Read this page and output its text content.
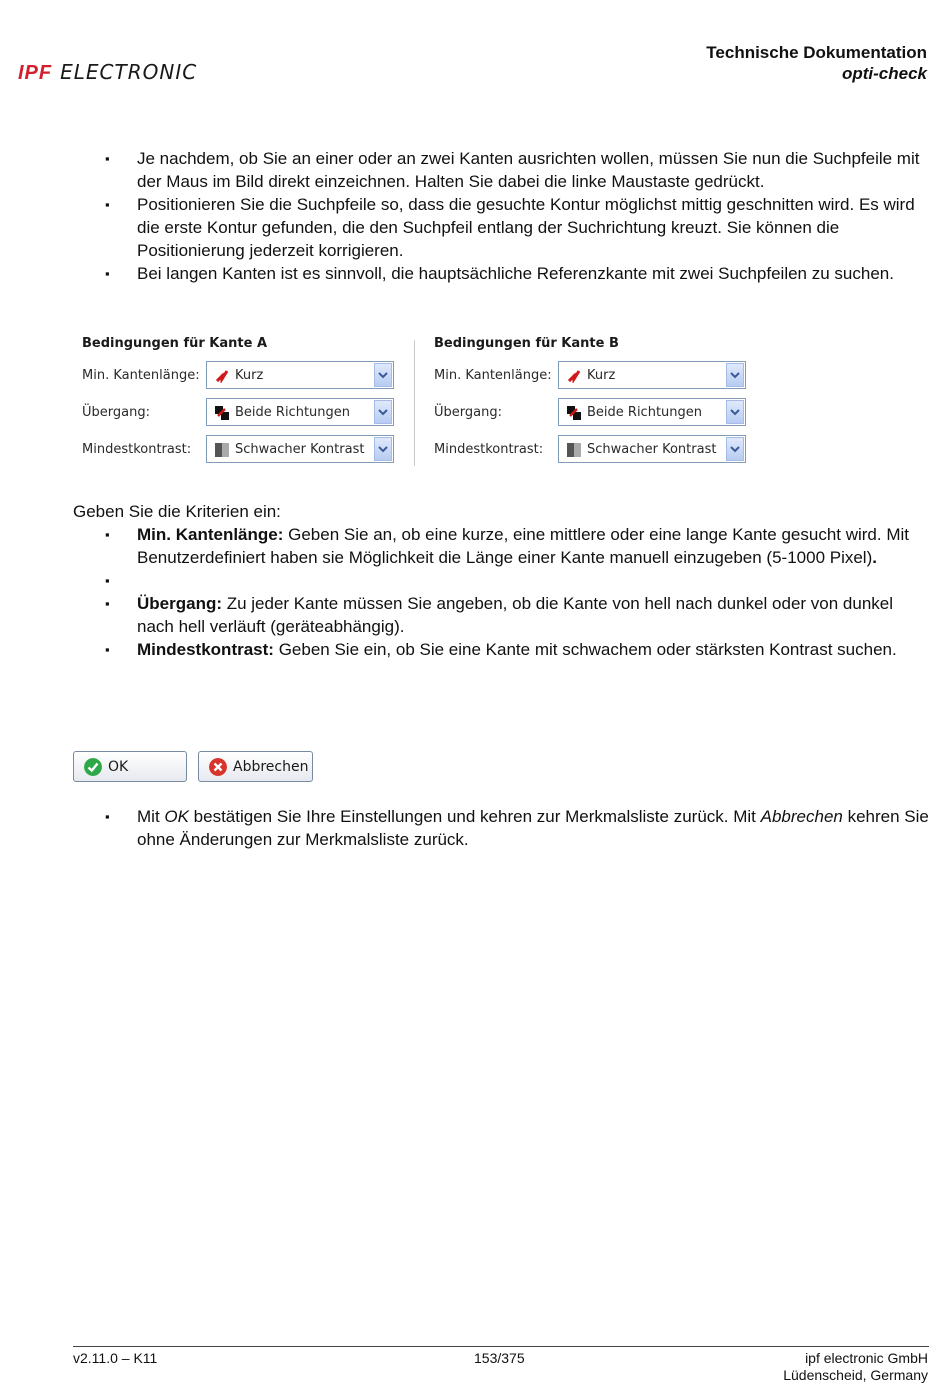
IPF ELECTRONIC
Technische Dokumentation
opti-check
▪ Je nachdem, ob Sie an einer oder an zwei Kanten ausrichten wollen, müssen Sie nun die Suchpfeile mit der Maus im Bild direkt einzeichnen. Halten Sie dabei die linke Maustaste gedrückt.
▪ Positionieren Sie die Suchpfeile so, dass die gesuchte Kontur möglichst mittig geschnitten wird. Es wird die erste Kontur gefunden, die den Suchpfeil entlang der Suchrichtung kreuzt. Sie können die Positionierung jederzeit korrigieren.
▪ Bei langen Kanten ist es sinnvoll, die hauptsächliche Referenzkante mit zwei Suchpfeilen zu suchen.
Bedingungen für Kante A
Min. Kantenlänge:	Kurz
Übergang:	Beide Richtungen
Mindestkontrast:	Schwacher Kontrast
Bedingungen für Kante B
Min. Kantenlänge:	Kurz
Übergang:	Beide Richtungen
Mindestkontrast:	Schwacher Kontrast
Geben Sie die Kriterien ein:
▪ Min. Kantenlänge: Geben Sie an, ob eine kurze, eine mittlere oder eine lange Kante gesucht wird. Mit Benutzerdefiniert haben sie Möglichkeit die Länge einer Kante manuell einzugeben (5-1000 Pixel).
▪
▪ Übergang: Zu jeder Kante müssen Sie angeben, ob die Kante von hell nach dunkel oder von dunkel nach hell verläuft (geräteabhängig).
▪ Mindestkontrast: Geben Sie ein, ob Sie eine Kante mit schwachem oder stärksten Kontrast suchen.
OK	Abbrechen
▪ Mit OK bestätigen Sie Ihre Einstellungen und kehren zur Merkmalsliste zurück. Mit Abbrechen kehren Sie ohne Änderungen zur Merkmalsliste zurück.
v2.11.0 – K11	153/375	ipf electronic GmbH
Lüdenscheid, Germany
